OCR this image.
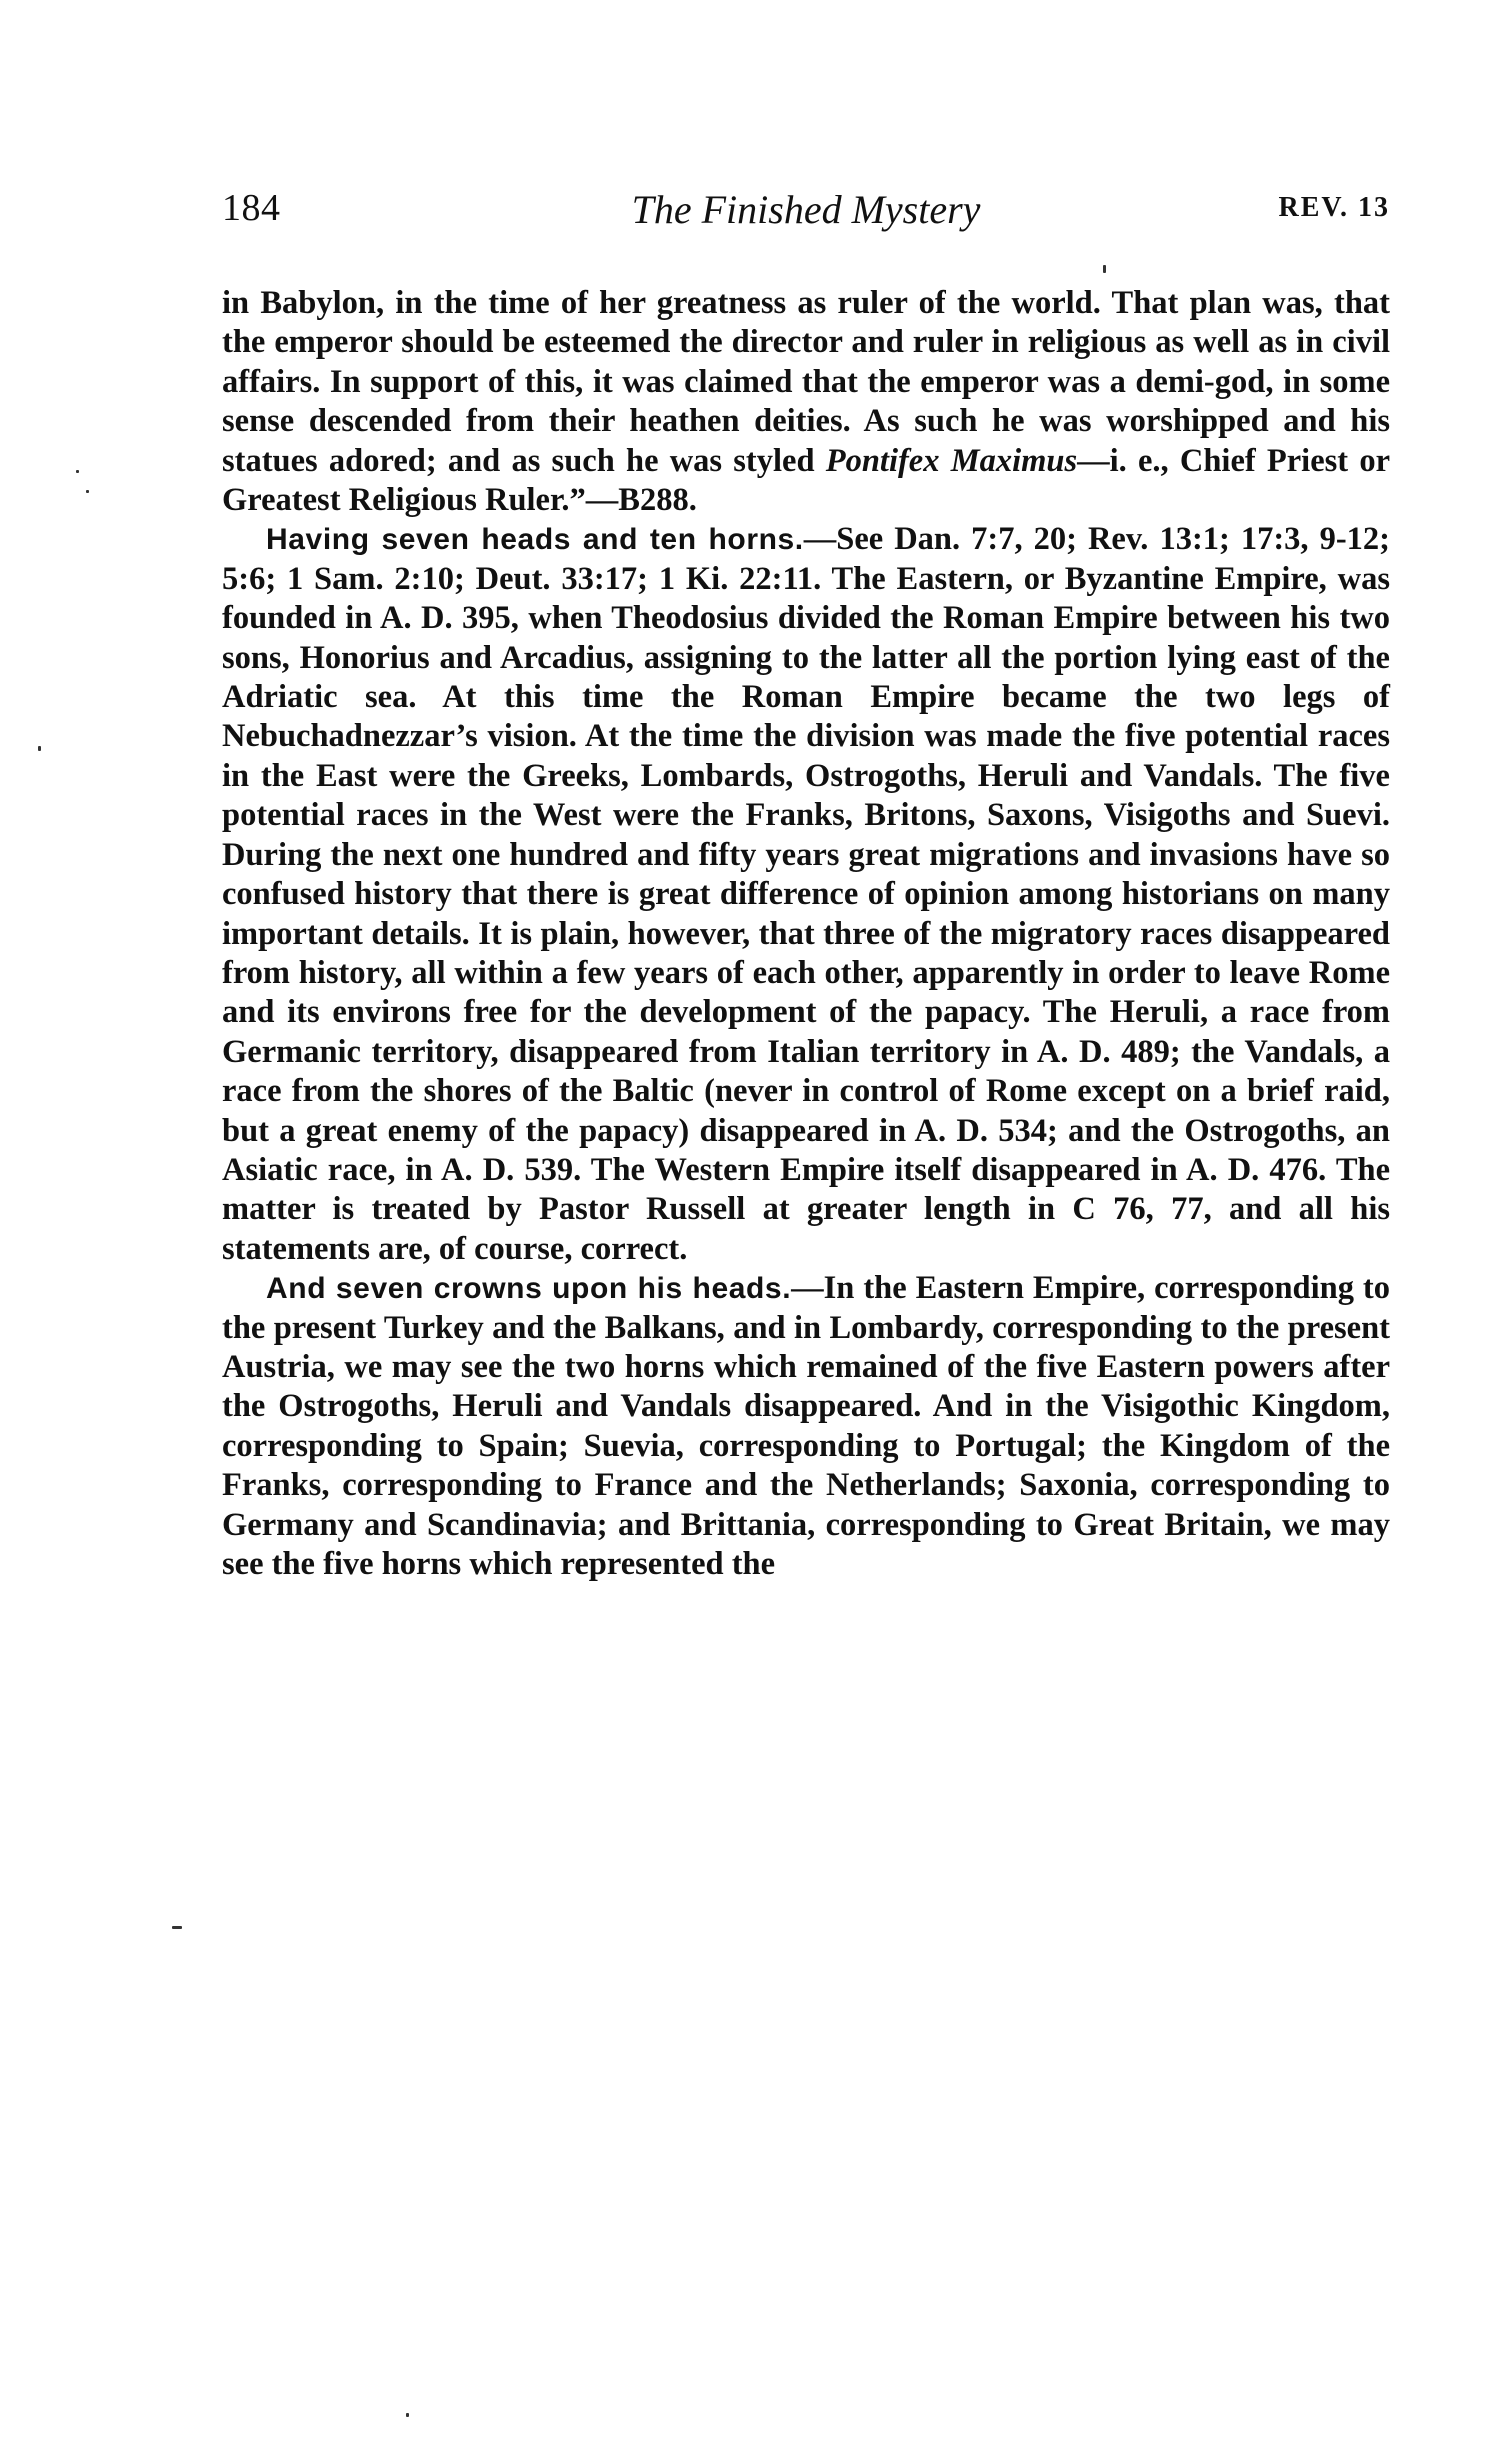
184	The Finished Mystery	REV. 13

in Babylon, in the time of her greatness as ruler of the world. That plan was, that the emperor should be esteemed the director and ruler in religious as well as in civil affairs. In support of this, it was claimed that the emperor was a demi-god, in some sense descended from their heathen deities. As such he was worshipped and his statues adored; and as such he was styled Pontifex Maximus—i. e., Chief Priest or Greatest Religious Ruler.”—B288.

Having seven heads and ten horns.—See Dan. 7:7, 20; Rev. 13:1; 17:3, 9-12; 5:6; 1 Sam. 2:10; Deut. 33:17; 1 Ki. 22:11. The Eastern, or Byzantine Empire, was founded in A. D. 395, when Theodosius divided the Roman Empire between his two sons, Honorius and Arcadius, assigning to the latter all the portion lying east of the Adriatic sea. At this time the Roman Empire became the two legs of Nebuchadnezzar’s vision. At the time the division was made the five potential races in the East were the Greeks, Lombards, Ostrogoths, Heruli and Vandals. The five potential races in the West were the Franks, Britons, Saxons, Visigoths and Suevi. During the next one hundred and fifty years great migrations and invasions have so confused history that there is great difference of opinion among historians on many important details. It is plain, however, that three of the migratory races disappeared from history, all within a few years of each other, apparently in order to leave Rome and its environs free for the development of the papacy. The Heruli, a race from Germanic territory, disappeared from Italian territory in A. D. 489; the Vandals, a race from the shores of the Baltic (never in control of Rome except on a brief raid, but a great enemy of the papacy) disappeared in A. D. 534; and the Ostrogoths, an Asiatic race, in A. D. 539. The Western Empire itself disappeared in A. D. 476. The matter is treated by Pastor Russell at greater length in C 76, 77, and all his statements are, of course, correct.

And seven crowns upon his heads.—In the Eastern Empire, corresponding to the present Turkey and the Balkans, and in Lombardy, corresponding to the present Austria, we may see the two horns which remained of the five Eastern powers after the Ostrogoths, Heruli and Vandals disappeared. And in the Visigothic Kingdom, corresponding to Spain; Suevia, corresponding to Portugal; the Kingdom of the Franks, corresponding to France and the Netherlands; Saxonia, corresponding to Germany and Scandinavia; and Brittania, corresponding to Great Britain, we may see the five horns which represented the
